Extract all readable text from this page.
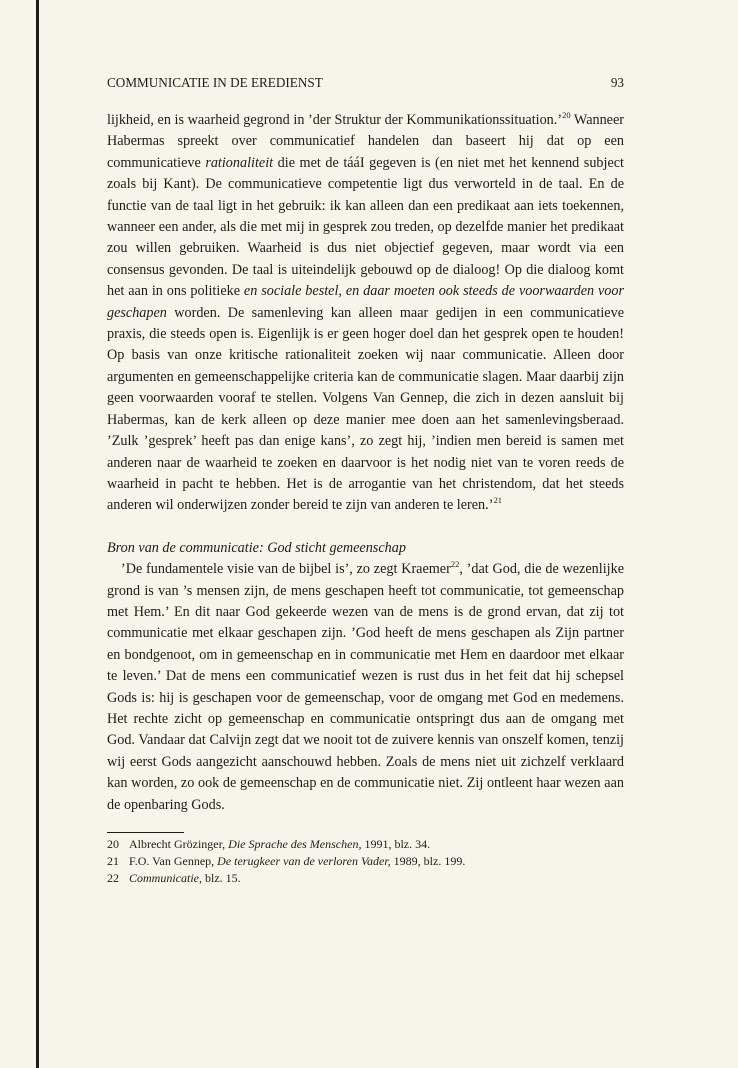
COMMUNICATIE IN DE EREDIENST	93

lijkheid, en is waarheid gegrond in ’der Struktur der Kommunikationssituation.’$^{20}$ Wanneer Habermas spreekt over communicatief handelen dan baseert hij dat op een communicatieve rationaliteit die met de tááI gegeven is (en niet met het kennend subject zoals bij Kant). De communicatieve competentie ligt dus verworteld in de taal. En de functie van de taal ligt in het gebruik: ik kan alleen dan een predikaat aan iets toekennen, wanneer een ander, als die met mij in gesprek zou treden, op dezelfde manier het predikaat zou willen gebruiken. Waarheid is dus niet objectief gegeven, maar wordt via een consensus gevonden. De taal is uiteindelijk gebouwd op de dialoog! Op die dialoog komt het aan in ons politieke en sociale bestel, en daar moeten ook steeds de voorwaarden voor geschapen worden. De samenleving kan alleen maar gedijen in een communicatieve praxis, die steeds open is. Eigenlijk is er geen hoger doel dan het gesprek open te houden! Op basis van onze kritische rationaliteit zoeken wij naar communicatie. Alleen door argumenten en gemeenschappelijke criteria kan de communicatie slagen. Maar daarbij zijn geen voorwaarden vooraf te stellen. Volgens Van Gennep, die zich in dezen aansluit bij Habermas, kan de kerk alleen op deze manier mee doen aan het samenlevingsberaad. ’Zulk ’gesprek’ heeft pas dan enige kans’, zo zegt hij, ’indien men bereid is samen met anderen naar de waarheid te zoeken en daarvoor is het nodig niet van te voren reeds de waarheid in pacht te hebben. Het is de arrogantie van het christendom, dat het steeds anderen wil onderwijzen zonder bereid te zijn van anderen te leren.’$^{21}$

Bron van de communicatie: God sticht gemeenschap

’De fundamentele visie van de bijbel is’, zo zegt Kraemer$^{22}$, ’dat God, die de wezenlijke grond is van ’s mensen zijn, de mens geschapen heeft tot communicatie, tot gemeenschap met Hem.’ En dit naar God gekeerde wezen van de mens is de grond ervan, dat zij tot communicatie met elkaar geschapen zijn. ’God heeft de mens geschapen als Zijn partner en bondgenoot, om in gemeenschap en in communicatie met Hem en daardoor met elkaar te leven.’ Dat de mens een communicatief wezen is rust dus in het feit dat hij schepsel Gods is: hij is geschapen voor de gemeenschap, voor de omgang met God en medemens. Het rechte zicht op gemeenschap en communicatie ontspringt dus aan de omgang met God. Vandaar dat Calvijn zegt dat we nooit tot de zuivere kennis van onszelf komen, tenzij wij eerst Gods aangezicht aanschouwd hebben. Zoals de mens niet uit zichzelf verklaard kan worden, zo ook de gemeenschap en de communicatie niet. Zij ontleent haar wezen aan de openbaring Gods.

20 Albrecht Grözinger, Die Sprache des Menschen, 1991, blz. 34.
21 F.O. Van Gennep, De terugkeer van de verloren Vader, 1989, blz. 199.
22 Communicatie, blz. 15.
